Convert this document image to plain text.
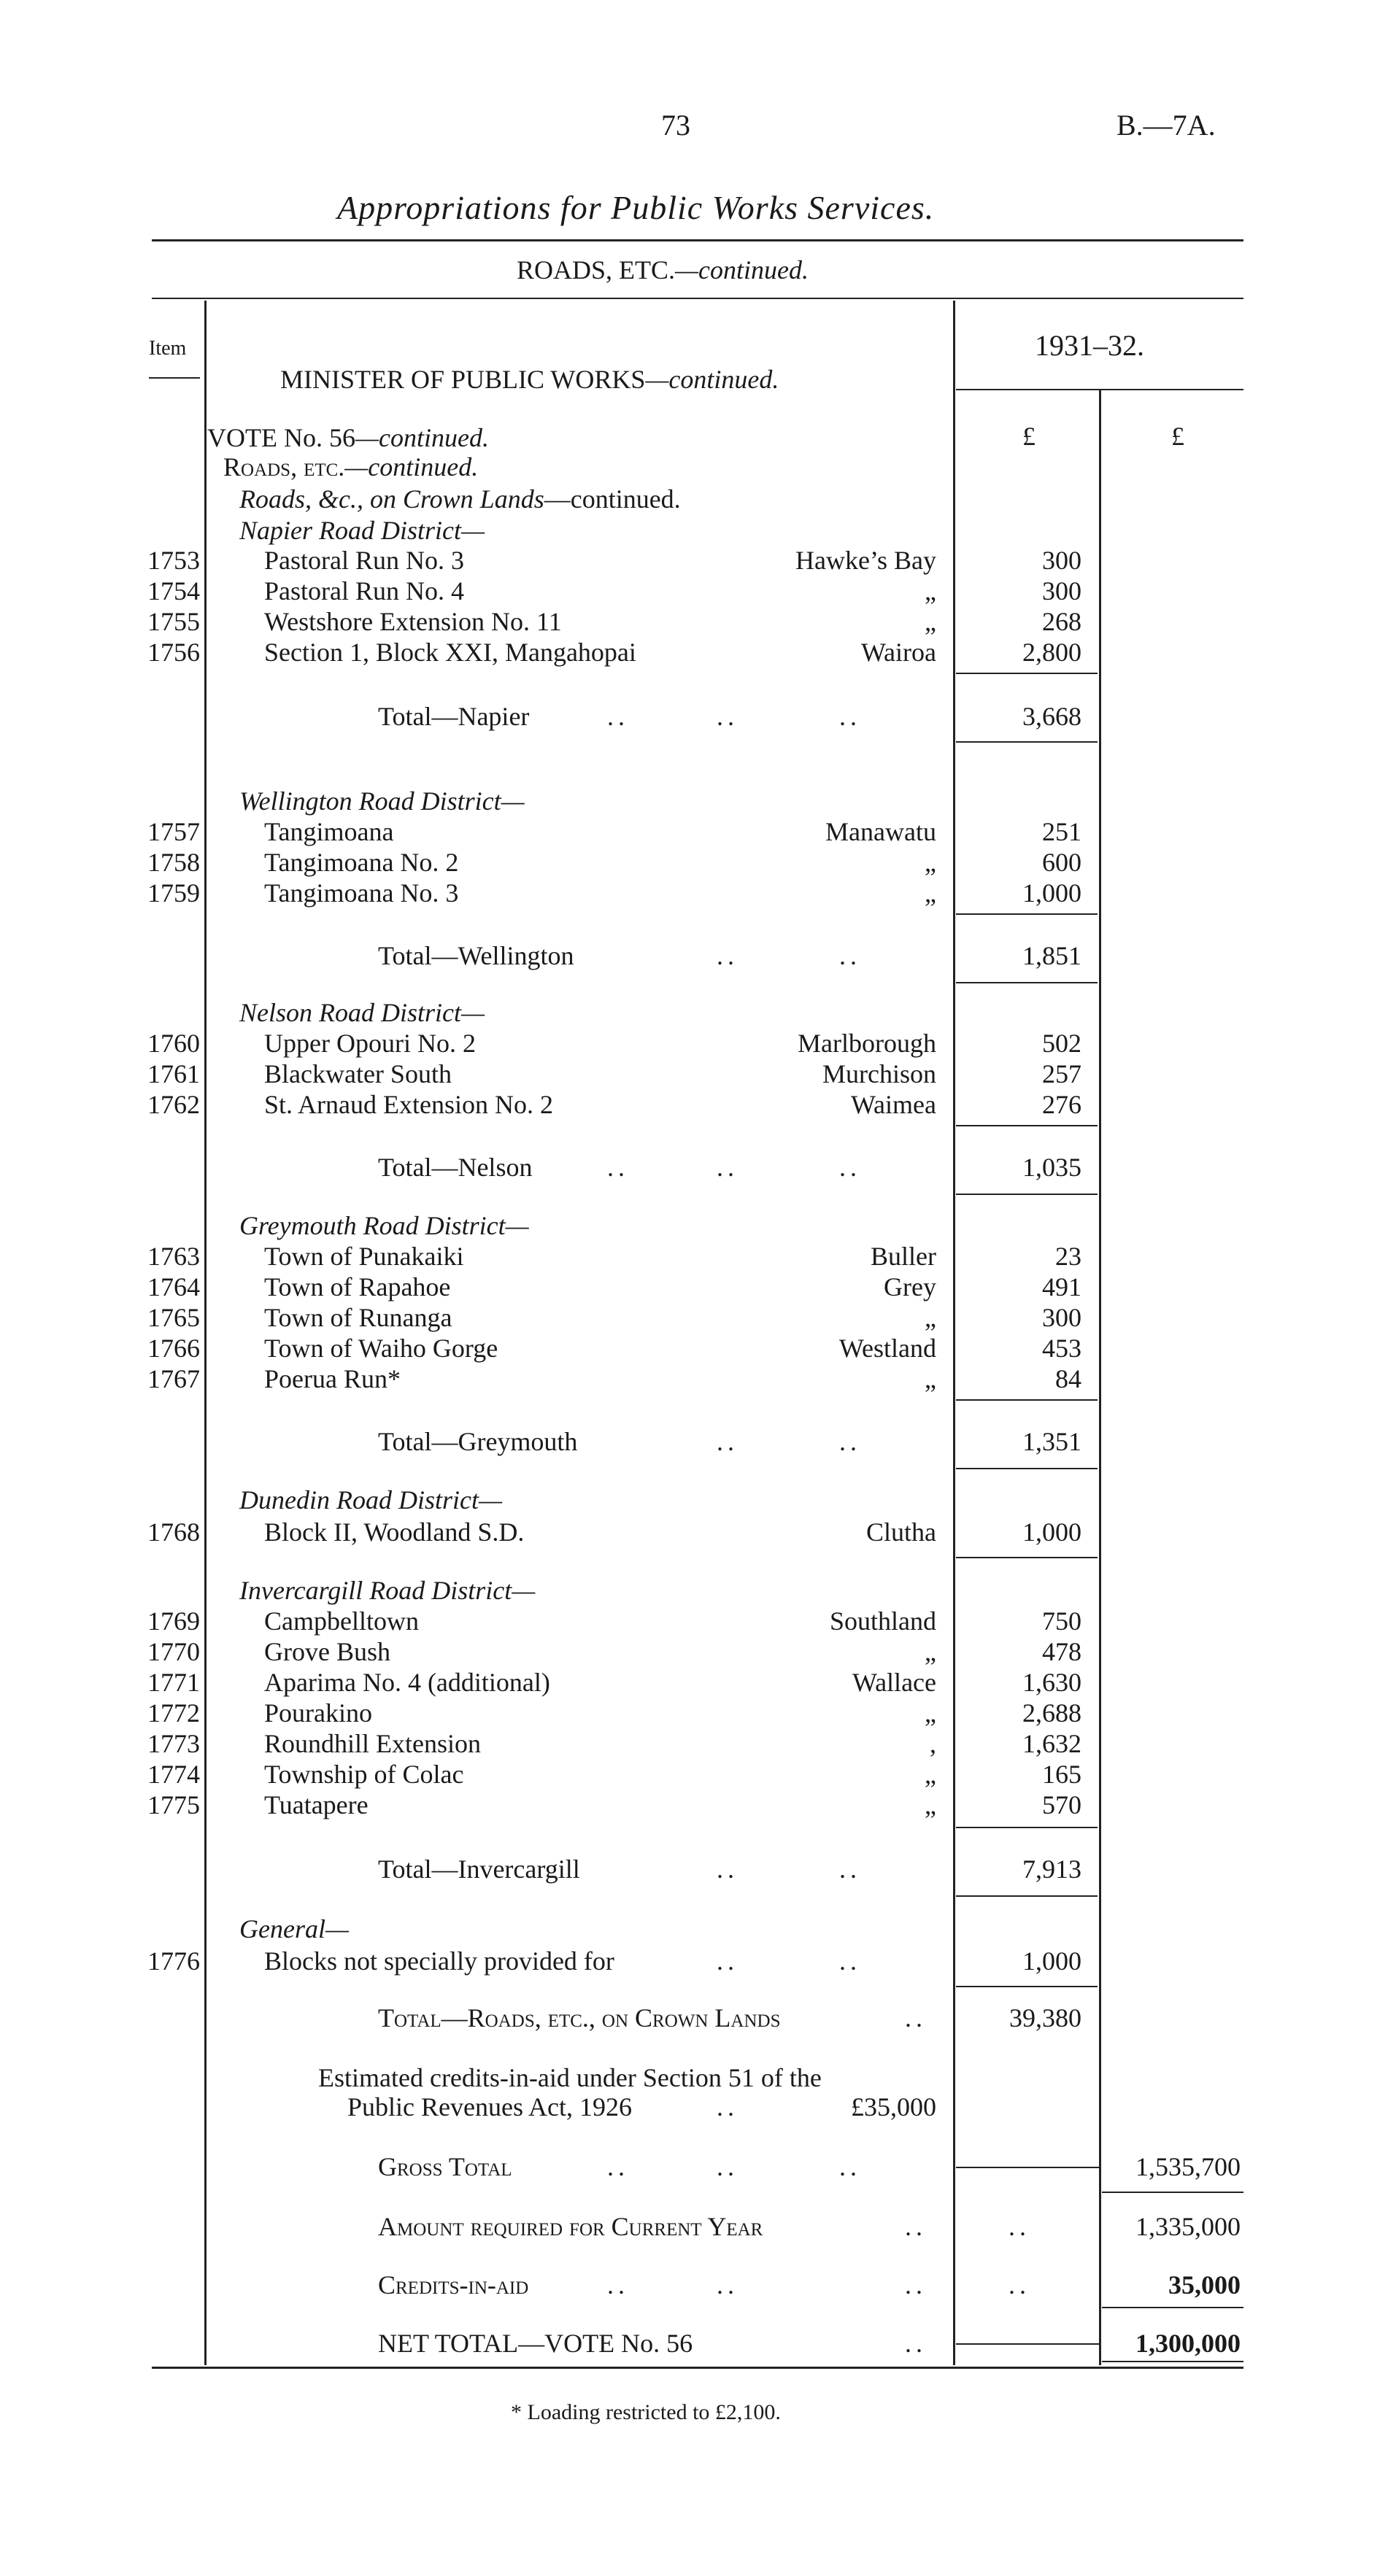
73	B.—7A.
Appropriations for Public Works Services.
ROADS, ETC.—continued.
Item
MINISTER OF PUBLIC WORKS—continued.
1931–32.
£	£
VOTE No. 56—continued.
Roads, etc.—continued.
Roads, &c., on Crown Lands—continued.
Napier Road District—
1753 Pastoral Run No. 3	Hawke’s Bay	300
1754 Pastoral Run No. 4	„	300
1755 Westshore Extension No. 11	„	268
1756 Section 1, Block XXI, Mangahopai	Wairoa	2,800
Total—Napier	..	..	..	3,668
Wellington Road District—
1757 Tangimoana	Manawatu	251
1758 Tangimoana No. 2	„	600
1759 Tangimoana No. 3	„	1,000
Total—Wellington	..	..	1,851
Nelson Road District—
1760 Upper Opouri No. 2	Marlborough	502
1761 Blackwater South	Murchison	257
1762 St. Arnaud Extension No. 2	Waimea	276
Total—Nelson	..	..	..	1,035
Greymouth Road District—
1763 Town of Punakaiki	Buller	23
1764 Town of Rapahoe	Grey	491
1765 Town of Runanga	„	300
1766 Town of Waiho Gorge	Westland	453
1767 Poerua Run*	„	84
Total—Greymouth	..	..	1,351
Dunedin Road District—
1768 Block II, Woodland S.D.	Clutha	1,000
Invercargill Road District—
1769 Campbelltown	Southland	750
1770 Grove Bush	„	478
1771 Aparima No. 4 (additional)	Wallace	1,630
1772 Pourakino	„	2,688
1773 Roundhill Extension	,	1,632
1774 Township of Colac	„	165
1775 Tuatapere	„	570
Total—Invercargill	..	..	7,913
General—
1776 Blocks not specially provided for	..	..	1,000
Total—Roads, etc., on Crown Lands	..	39,380
Estimated credits-in-aid under Section 51 of the
Public Revenues Act, 1926	..	£35,000
Gross Total	..	..	..	1,535,700
Amount required for Current Year	..	..	1,335,000
Credits-in-aid	..	..	..	..	35,000
NET TOTAL—VOTE No. 56	..	1,300,000
* Loading restricted to £2,100.
